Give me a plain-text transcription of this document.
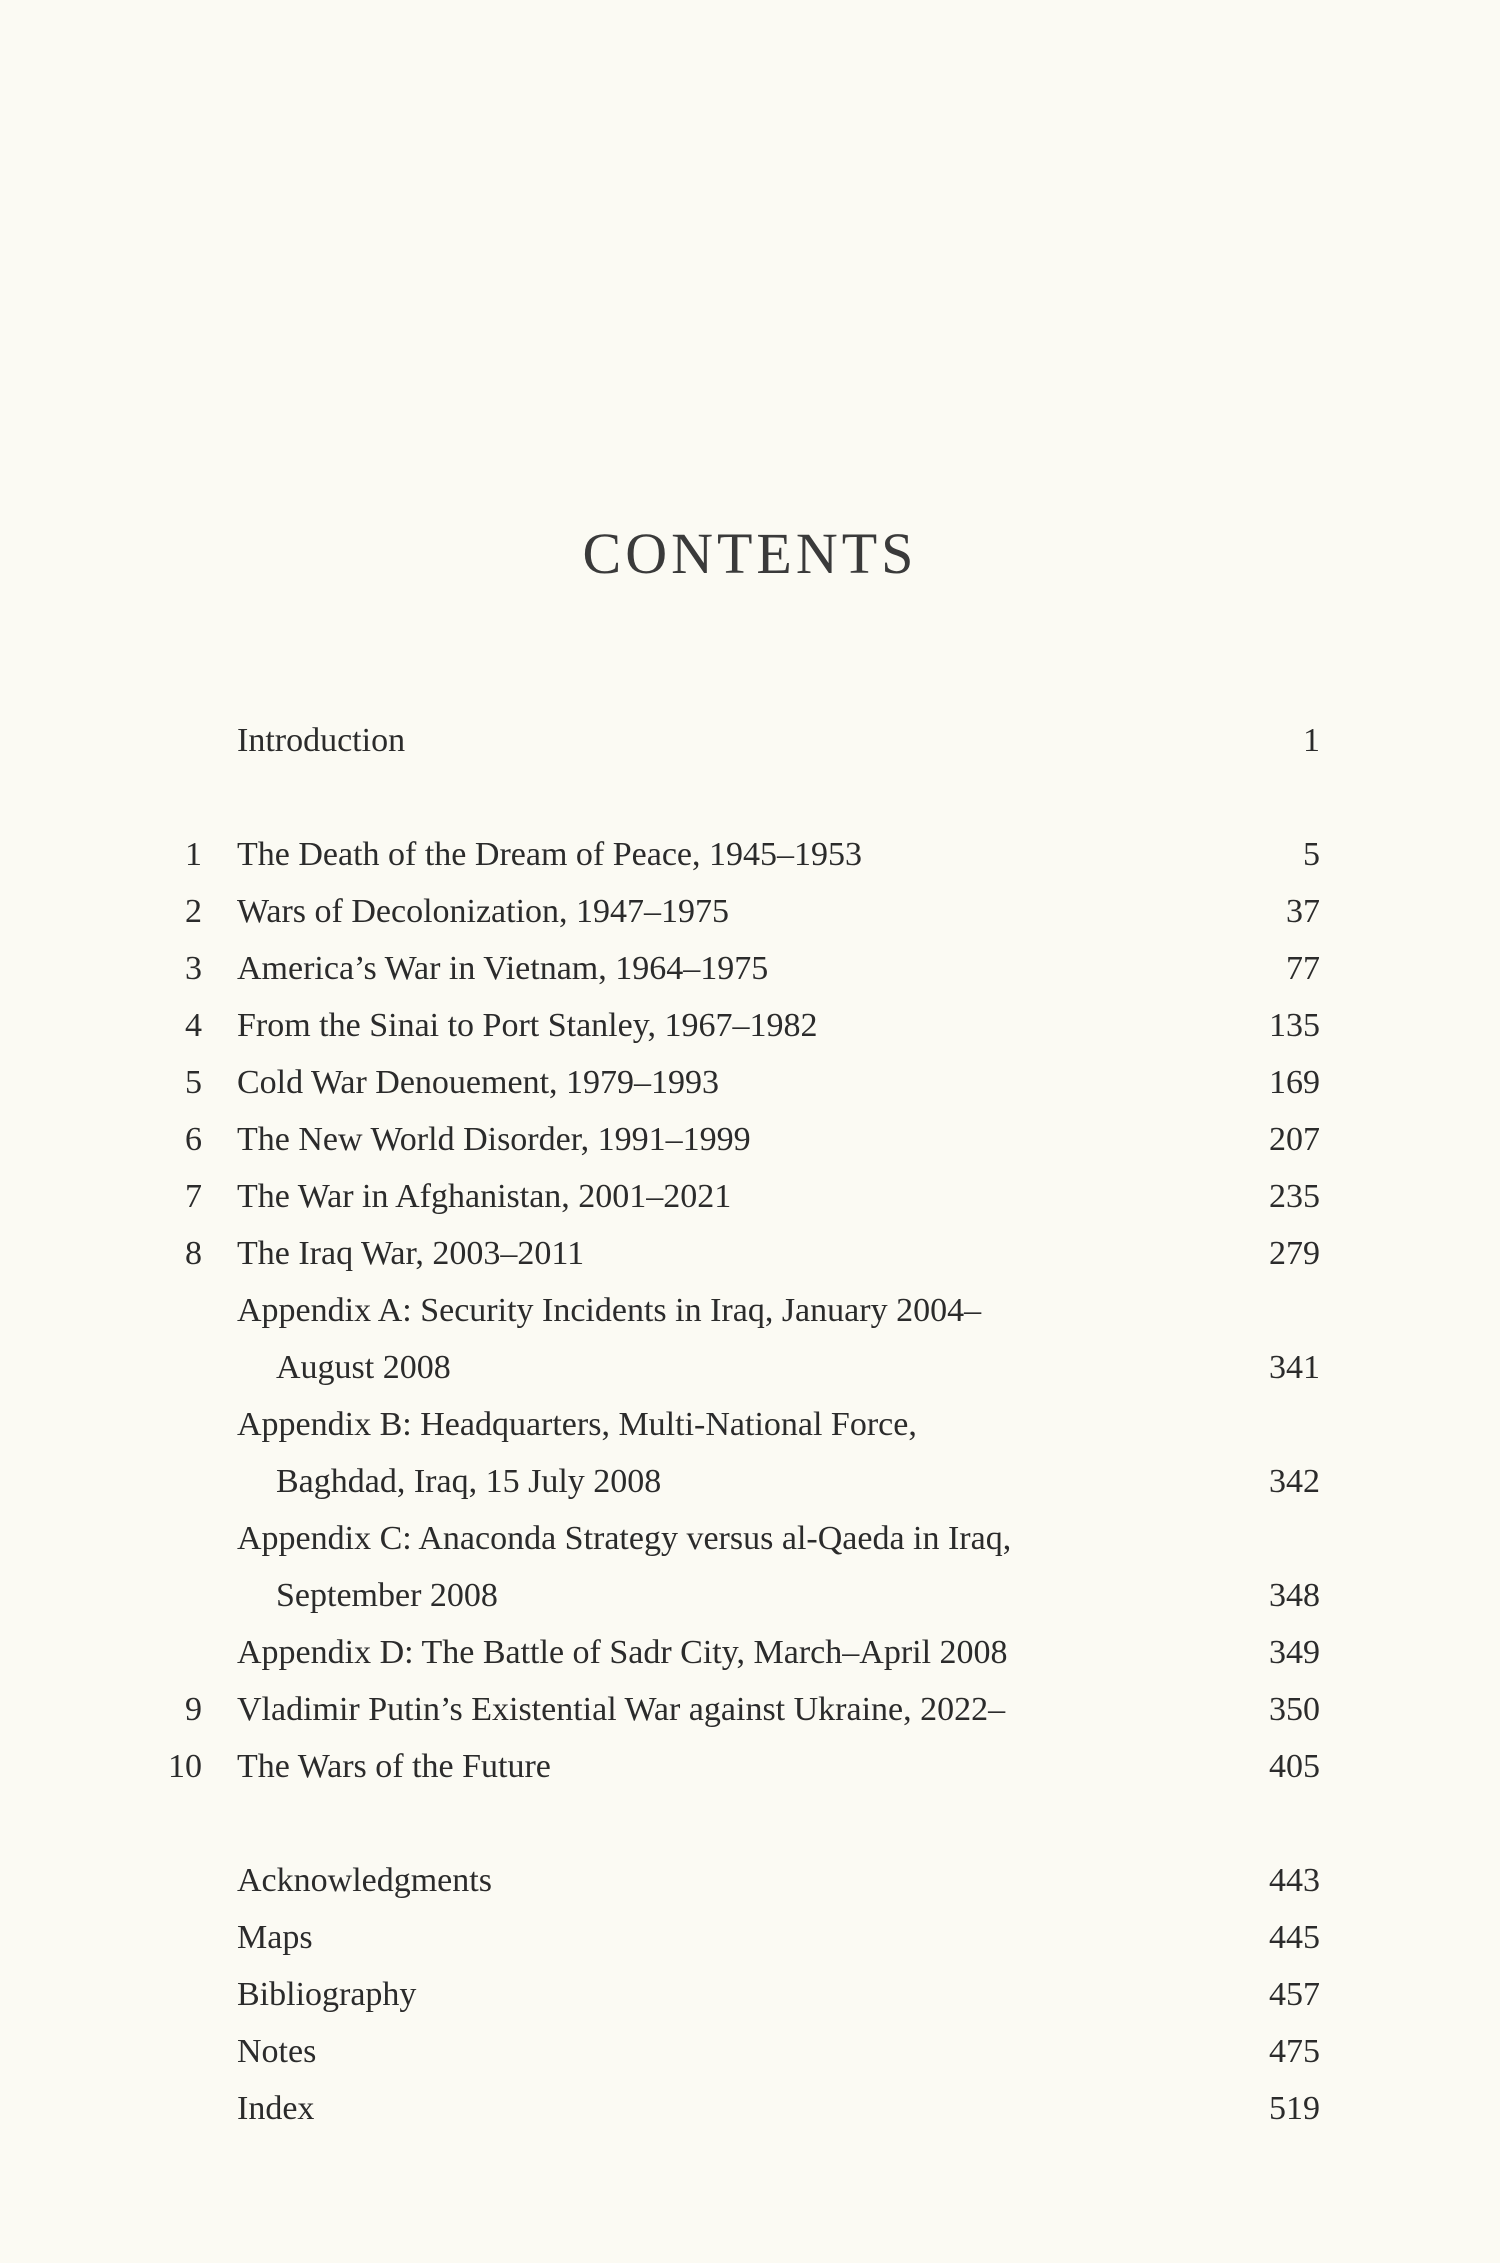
CONTENTS
Introduction	1
1 The Death of the Dream of Peace, 1945–1953	5
2 Wars of Decolonization, 1947–1975	37
3 America’s War in Vietnam, 1964–1975	77
4 From the Sinai to Port Stanley, 1967–1982	135
5 Cold War Denouement, 1979–1993	169
6 The New World Disorder, 1991–1999	207
7 The War in Afghanistan, 2001–2021	235
8 The Iraq War, 2003–2011	279
Appendix A: Security Incidents in Iraq, January 2004–
August 2008	341
Appendix B: Headquarters, Multi-National Force,
Baghdad, Iraq, 15 July 2008	342
Appendix C: Anaconda Strategy versus al-Qaeda in Iraq,
September 2008	348
Appendix D: The Battle of Sadr City, March–April 2008	349
9 Vladimir Putin’s Existential War against Ukraine, 2022–	350
10 The Wars of the Future	405
Acknowledgments	443
Maps	445
Bibliography	457
Notes	475
Index	519
